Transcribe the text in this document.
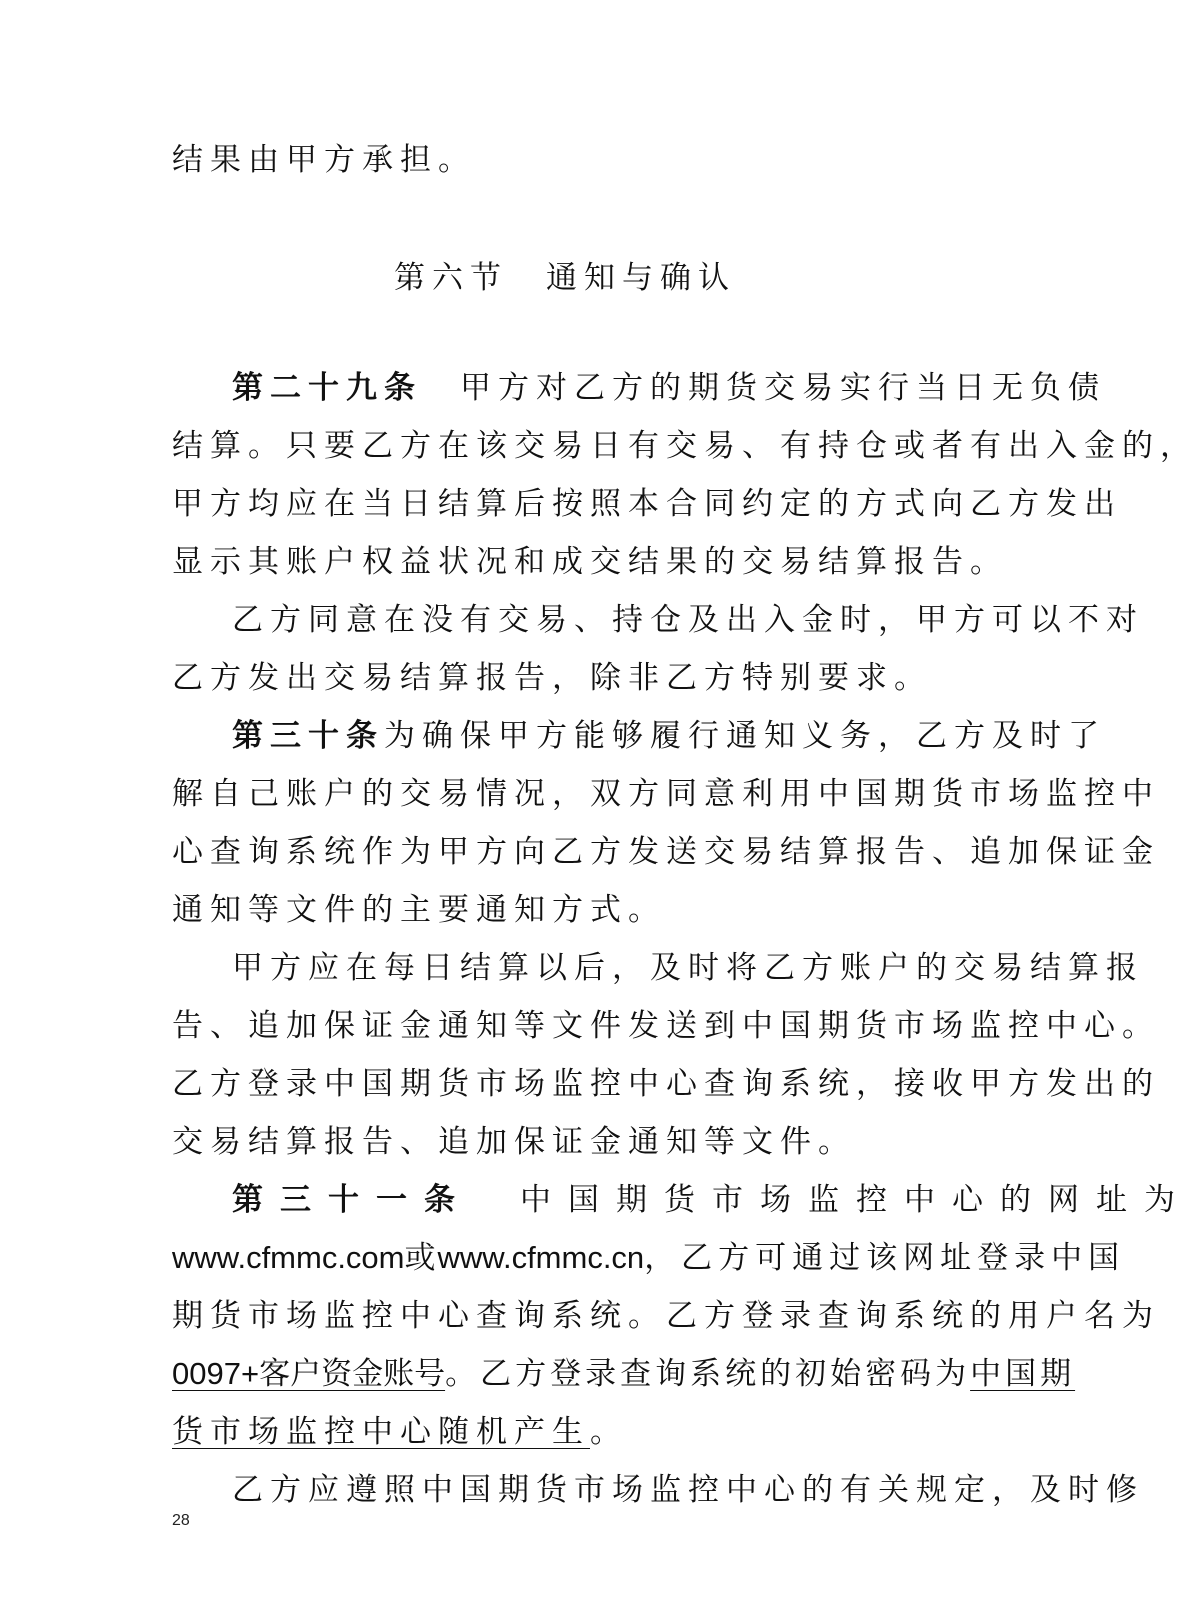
结果由甲方承担。
第六节　通知与确认
第二十九条　 甲方对乙方的期货交易实行当日无负债
结算。只要乙方在该交易日有交易、有持仓或者有出入金的，
甲方均应在当日结算后按照本合同约定的方式向乙方发出
显示其账户权益状况和成交结果的交易结算报告。
乙方同意在没有交易、持仓及出入金时，甲方可以不对
乙方发出交易结算报告，除非乙方特别要求。
第三十条为确保甲方能够履行通知义务，乙方及时了
解自己账户的交易情况，双方同意利用中国期货市场监控中
心查询系统作为甲方向乙方发送交易结算报告、追加保证金
通知等文件的主要通知方式。
甲方应在每日结算以后，及时将乙方账户的交易结算报
告、追加保证金通知等文件发送到中国期货市场监控中心。
乙方登录中国期货市场监控中心查询系统，接收甲方发出的
交易结算报告、追加保证金通知等文件。
第三十一条　 中国期货市场监控中心的网址为
www.cfmmc.com或www.cfmmc.cn，乙方可通过该网址登录中国
期货市场监控中心查询系统。乙方登录查询系统的用户名为
0097+客户资金账号。乙方登录查询系统的初始密码为中国期
货市场监控中心随机产生。
乙方应遵照中国期货市场监控中心的有关规定，及时修
28
